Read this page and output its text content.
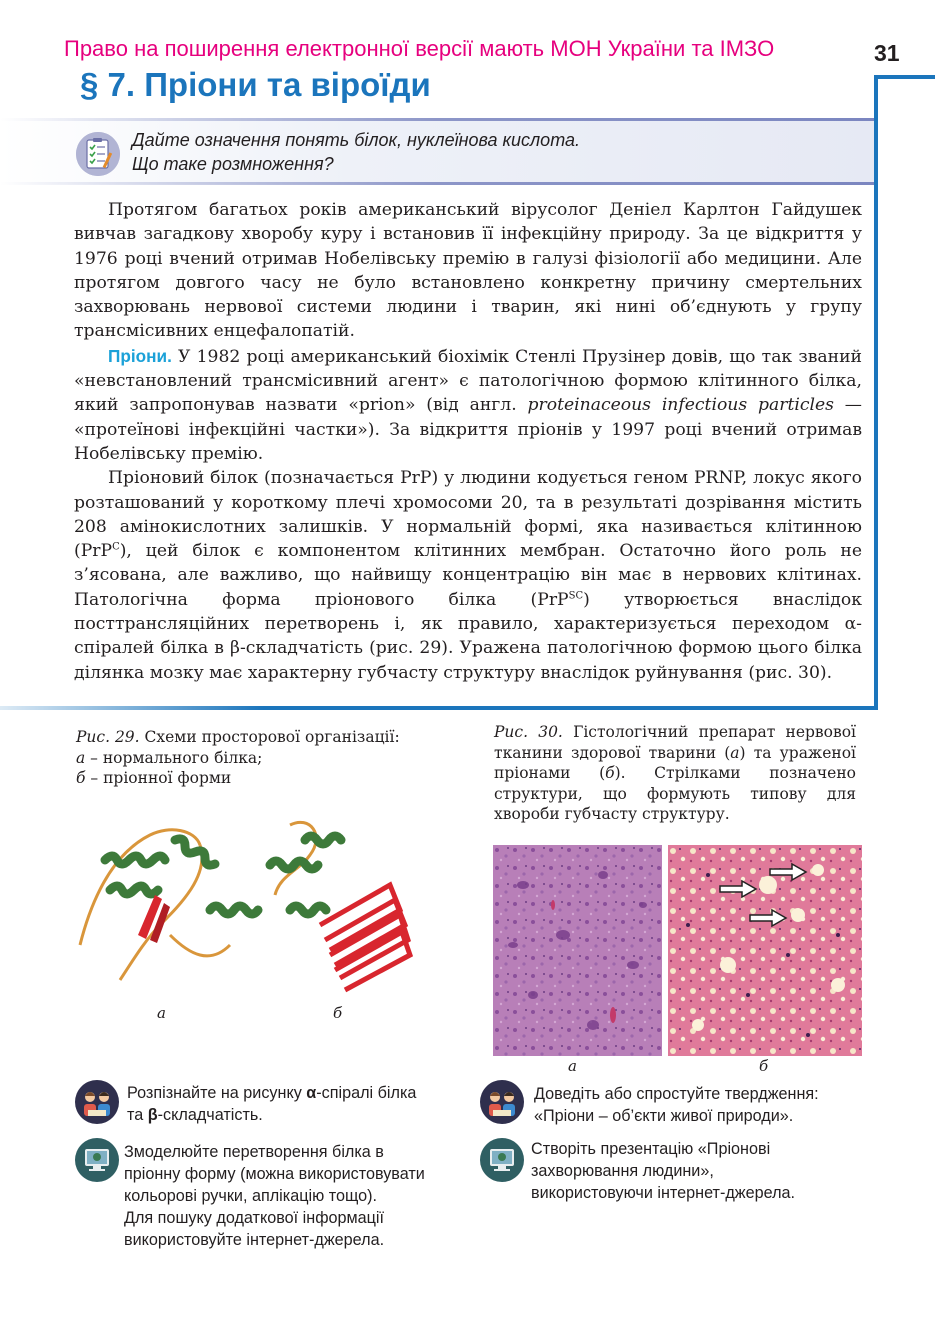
Право на поширення електронної версії мають МОН України та ІМЗО	31
§ 7. Пріони та віроїди
Дайте означення понять білок, нуклеїнова кислота.
Що таке розмноження?

Протягом багатьох років американський вірусолог Деніел Карлтон Гайдушек вивчав загадкову хворобу куру і встановив її інфекційну природу. За це відкриття у 1976 році вчений отримав Нобелівську премію в галузі фізіології або медицини. Але протягом довгого часу не було встановлено конкретну причину смертельних захворювань нервової системи людини і тварин, які нині об’єднують у групу трансмісивних енцефалопатій.

Пріони. У 1982 році американський біохімік Стенлі Прузінер довів, що так званий «невстановлений трансмісивний агент» є патологічною формою клітинного білка, який запропонував назвати «prion» (від англ. proteinaceous infectious particles — «протеїнові інфекційні частки»). За відкриття пріонів у 1997 році вчений отримав Нобелівську премію.

Пріоновий білок (позначається PrP) у людини кодується геном PRNP, локус якого розташований у короткому плечі хромосоми 20, та в результаті дозрівання містить 208 амінокислотних залишків. У нормальній формі, яка називається клітинною (PrP$^C$), цей білок є компонентом клітинних мембран. Остаточно його роль не з’ясована, але важливо, що найвищу концентрацію він має в нервових клітинах. Патологічна форма пріонового білка (PrP$^{SC}$) утворюється внаслідок посттрансляційних перетворень і, як правило, характеризується переходом α-спіралей білка в β-складчатість (рис. 29). Уражена патологічною формою цього білка ділянка мозку має характерну губчасту структуру внаслідок руйнування (рис. 30).

Рис. 29. Схеми просторової організації:
а – нормального білка;
б – пріонної форми
а	б
Рис. 30. Гістологічний препарат нервової тканини здорової тварини (а) та ураженої пріонами (б). Стрілками позначено структури, що формують типову для хвороби губчасту структуру.
а	б
Розпізнайте на рисунку α-спіралі білка
та β-складчатість.
Доведіть або спростуйте твердження:
«Пріони – об’єкти живої природи».
Змоделюйте перетворення білка в
пріонну форму (можна використовувати
кольорові ручки, аплікацію тощо).
Для пошуку додаткової інформації
використовуйте інтернет-джерела.
Створіть презентацію «Пріонові
захворювання людини»,
використовуючи інтернет-джерела.
